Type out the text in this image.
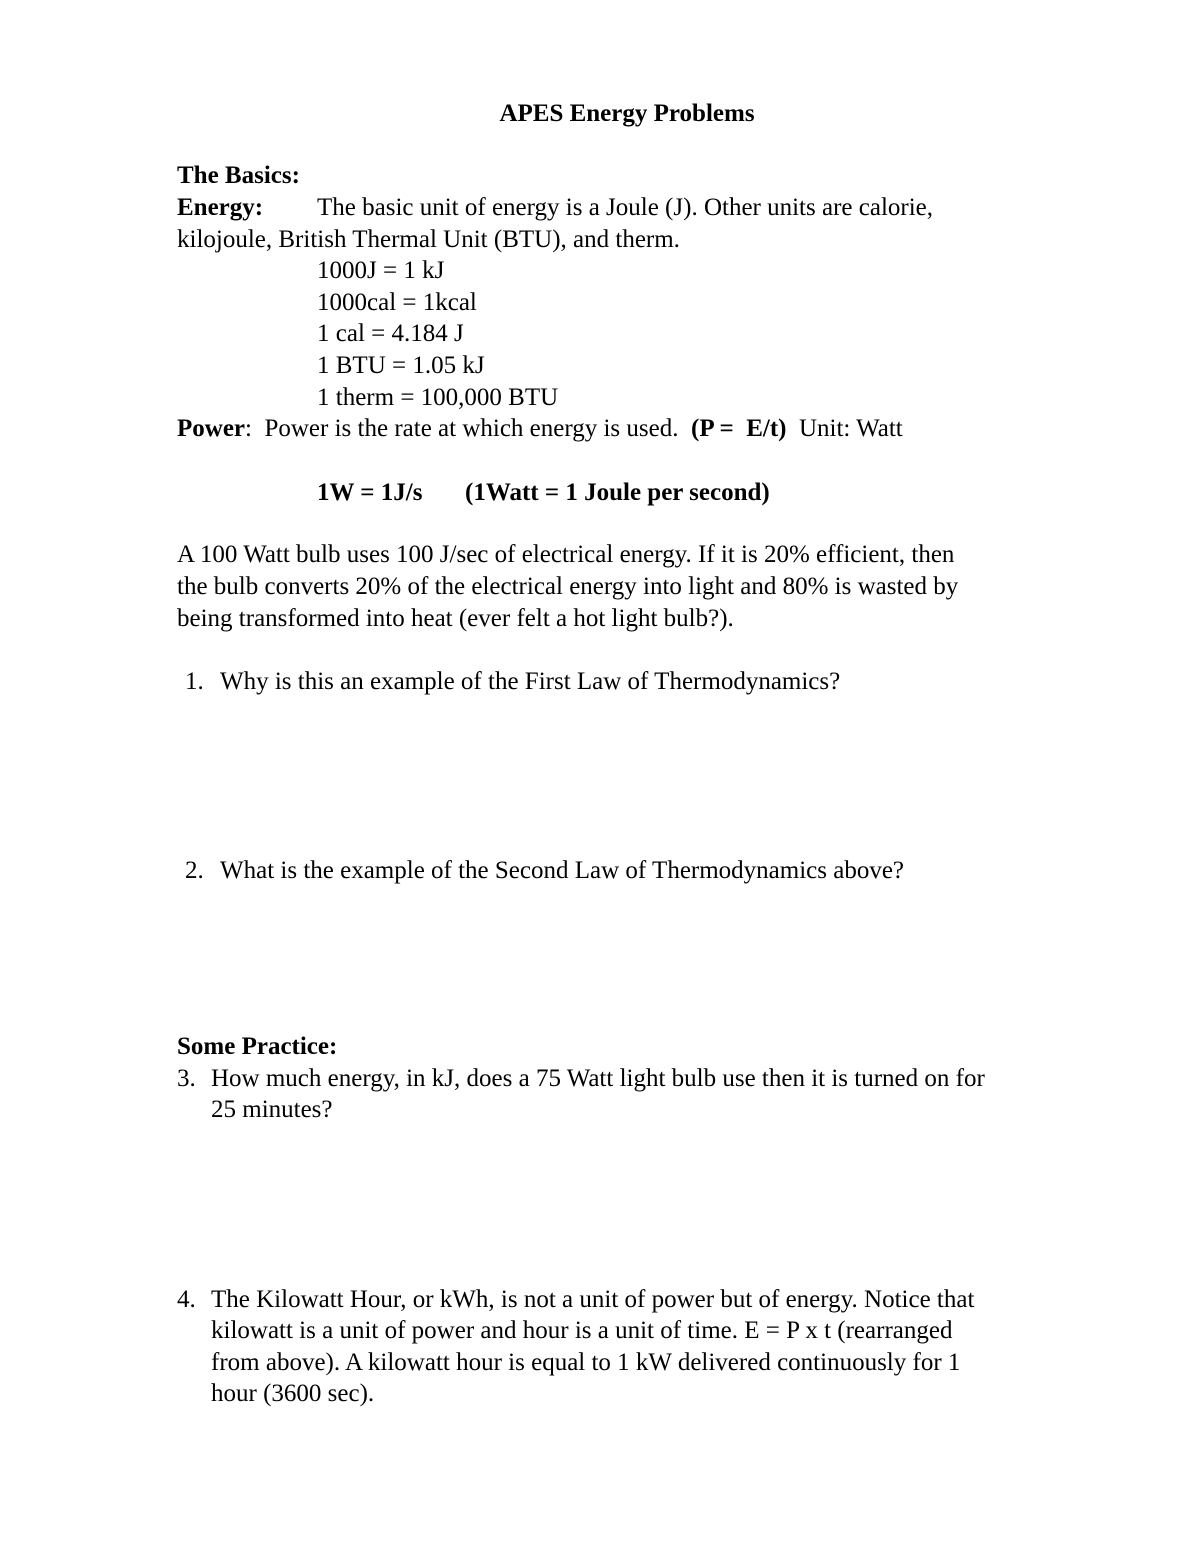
APES Energy Problems
The Basics:
Energy: The basic unit of energy is a Joule (J). Other units are calorie,
kilojoule, British Thermal Unit (BTU), and therm.
1000J = 1 kJ
1000cal = 1kcal
1 cal = 4.184 J
1 BTU = 1.05 kJ
1 therm = 100,000 BTU
Power:  Power is the rate at which energy is used.  (P =  E/t)  Unit: Watt
1W = 1J/s (1Watt = 1 Joule per second)
A 100 Watt bulb uses 100 J/sec of electrical energy. If it is 20% efficient, then
the bulb converts 20% of the electrical energy into light and 80% is wasted by
being transformed into heat (ever felt a hot light bulb?).
1. Why is this an example of the First Law of Thermodynamics?
2. What is the example of the Second Law of Thermodynamics above?
Some Practice:
3. How much energy, in kJ, does a 75 Watt light bulb use then it is turned on for
25 minutes?
4. The Kilowatt Hour, or kWh, is not a unit of power but of energy. Notice that
kilowatt is a unit of power and hour is a unit of time. E = P x t (rearranged
from above). A kilowatt hour is equal to 1 kW delivered continuously for 1
hour (3600 sec).
